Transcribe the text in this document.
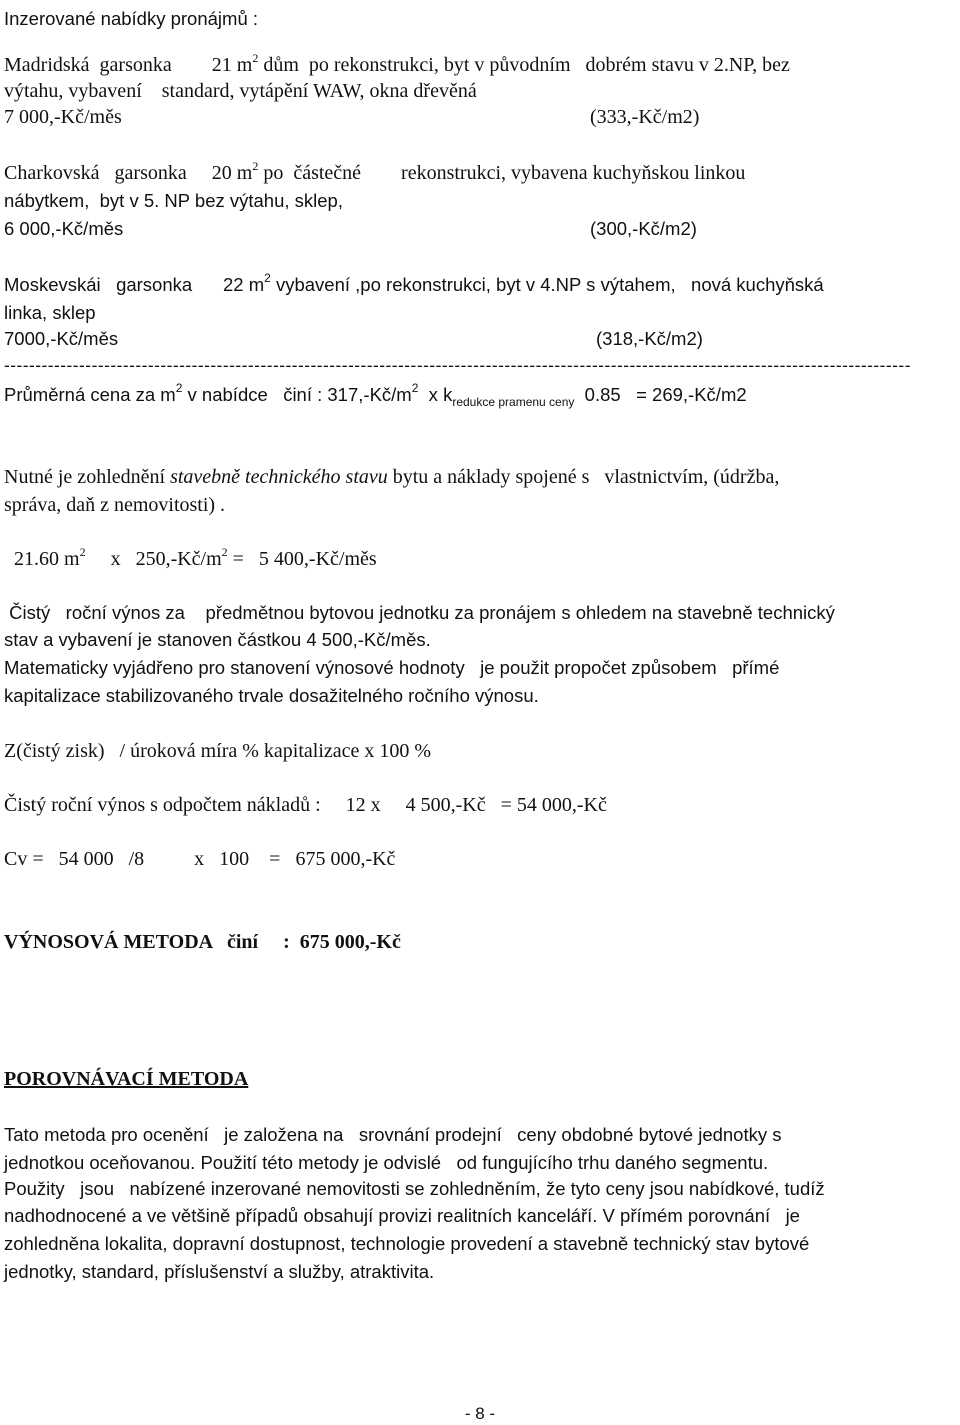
Inzerované nabídky pronájmů :
Madridská garsonka 21 $m^2$ dům  po rekonstrukci, byt v původním   dobrém stavu v 2.NP, bez
výtahu, vybavení    standard, vytápění WAW, okna dřevěná
7 000,-Kč/měs	(333,-Kč/m2)
Charkovská garsonka 20 $m^2$ po  částečné        rekonstrukci, vybavena kuchyňskou linkou
nábytkem,  byt v 5. NP bez výtahu, sklep,
6 000,-Kč/měs	(300,-Kč/m2)
Moskevskái garsonka 22 $m^2$ vybavení ,po rekonstrukci, byt v 4.NP s výtahem,   nová kuchyňská
linka, sklep
7000,-Kč/měs	(318,-Kč/m2)
-------------------------------------------------------------------------------------------------------------------------------------------------
Průměrná cena za $m^2$ v nabídce   činí : $317,-Kč/m^2$  x $k_{redukce pramenu ceny}$  0.85   = 269,-Kč/m2
Nutné je zohlednění stavebně technického stavu bytu a náklady spojené s   vlastnictvím, (údržba,
správa, daň z nemovitosti) .
21.60 $m^2$     x   $250,-Kč/m^2 = 5$ 400,-Kč/měs
Čistý   roční výnos za    předmětnou bytovou jednotku za pronájem s ohledem na stavebně technický
stav a vybavení je stanoven částkou 4 500,-Kč/měs.
Matematicky vyjádřeno pro stanovení výnosové hodnoty   je použit propočet způsobem   přímé
kapitalizace stabilizovaného trvale dosažitelného ročního výnosu.
Z(čistý zisk)   / úroková míra % kapitalizace x 100 %
Čistý roční výnos s odpočtem nákladů :     12 x     4 500,-Kč   = 54 000,-Kč
Cv =   54 000   /8          x   100    =   675 000,-Kč
VÝNOSOVÁ METODA   činí     :  675 000,-Kč
POROVNÁVACÍ METODA
Tato metoda pro ocenění   je založena na   srovnání prodejní   ceny obdobné bytové jednotky s
jednotkou oceňovanou. Použití této metody je odvislé   od fungujícího trhu daného segmentu.
Použity   jsou   nabízené inzerované nemovitosti se zohledněním, že tyto ceny jsou nabídkové, tudíž
nadhodnocené a ve většině případů obsahují provizi realitních kanceláří. V přímém porovnání   je
zohledněna lokalita, dopravní dostupnost, technologie provedení a stavebně technický stav bytové
jednotky, standard, příslušenství a služby, atraktivita.
- 8 -
